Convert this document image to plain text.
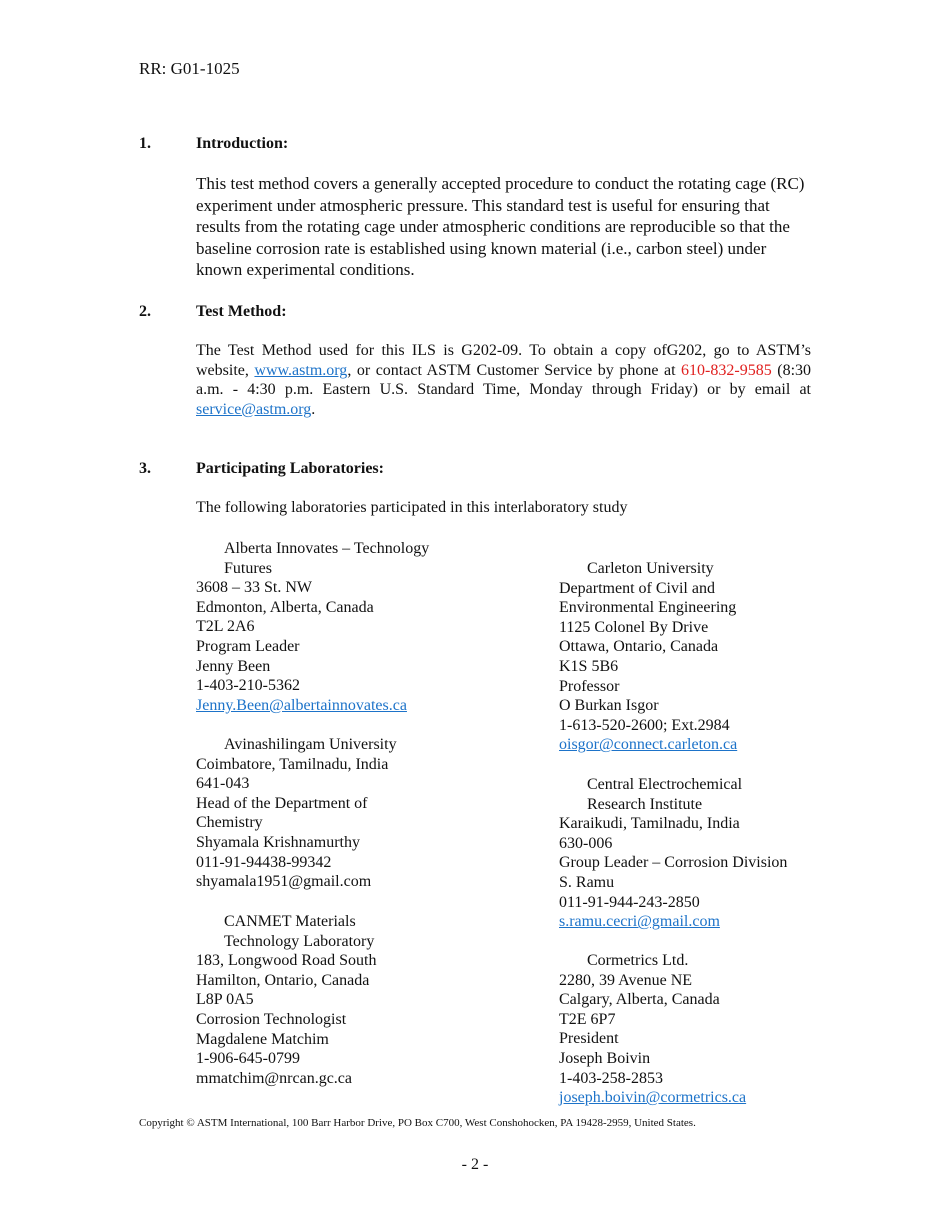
RR: G01-1025
1.	Introduction:

This test method covers a generally accepted procedure to conduct the rotating cage (RC) experiment under atmospheric pressure. This standard test is useful for ensuring that results from the rotating cage under atmospheric conditions are reproducible so that the baseline corrosion rate is established using known material (i.e., carbon steel) under known experimental conditions.

2.	Test Method:

The Test Method used for this ILS is G202-09. To obtain a copy ofG202, go to ASTM’s website, www.astm.org, or contact ASTM Customer Service by phone at 610-832-9585 (8:30 a.m. - 4:30 p.m. Eastern U.S. Standard Time, Monday through Friday) or by email at service@astm.org.

3.	Participating Laboratories:
The following laboratories participated in this interlaboratory study
Alberta Innovates – Technology
Futures
3608 – 33 St. NW
Edmonton, Alberta, Canada
T2L 2A6
Program Leader
Jenny Been
1-403-210-5362
Jenny.Been@albertainnovates.ca
Avinashilingam University
Coimbatore, Tamilnadu, India
641-043
Head of the Department of
Chemistry
Shyamala Krishnamurthy
011-91-94438-99342
shyamala1951@gmail.com
CANMET Materials
Technology Laboratory
183, Longwood Road South
Hamilton, Ontario, Canada
L8P 0A5
Corrosion Technologist
Magdalene Matchim
1-906-645-0799
mmatchim@nrcan.gc.ca
Carleton University
Department of Civil and
Environmental Engineering
1125 Colonel By Drive
Ottawa, Ontario, Canada
K1S 5B6
Professor
O Burkan Isgor
1-613-520-2600; Ext.2984
oisgor@connect.carleton.ca
Central Electrochemical
Research Institute
Karaikudi, Tamilnadu, India
630-006
Group Leader – Corrosion Division
S. Ramu
011-91-944-243-2850
s.ramu.cecri@gmail.com
Cormetrics Ltd.
2280, 39 Avenue NE
Calgary, Alberta, Canada
T2E 6P7
President
Joseph Boivin
1-403-258-2853
joseph.boivin@cormetrics.ca
Copyright © ASTM International, 100 Barr Harbor Drive, PO Box C700, West Conshohocken, PA 19428-2959, United States.
- 2 -
